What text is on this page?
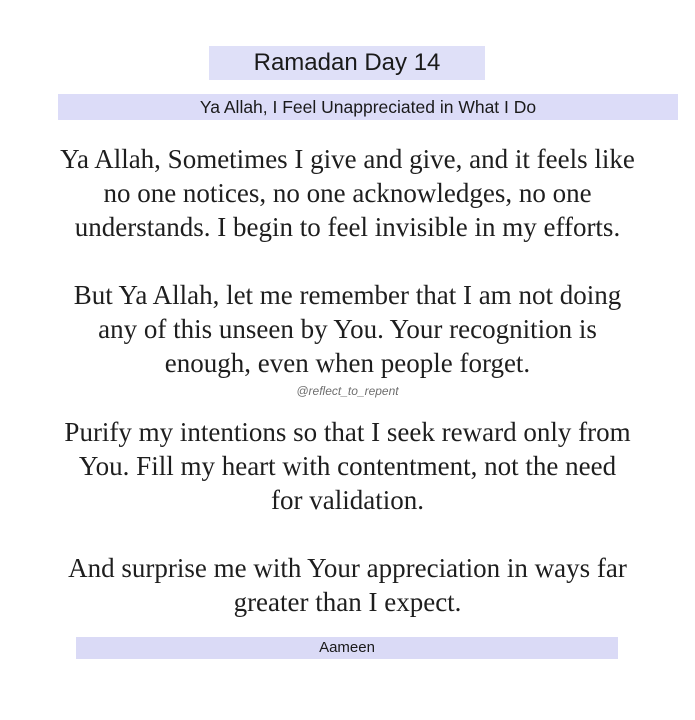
Ramadan Day 14
Ya Allah, I Feel Unappreciated in What I Do

Ya Allah, Sometimes I give and give, and it feels like
no one notices, no one acknowledges, no one
understands. I begin to feel invisible in my efforts.

But Ya Allah, let me remember that I am not doing
any of this unseen by You. Your recognition is
enough, even when people forget.

@reflect_to_repent

Purify my intentions so that I seek reward only from
You. Fill my heart with contentment, not the need
for validation.

And surprise me with Your appreciation in ways far
greater than I expect.

Aameen
